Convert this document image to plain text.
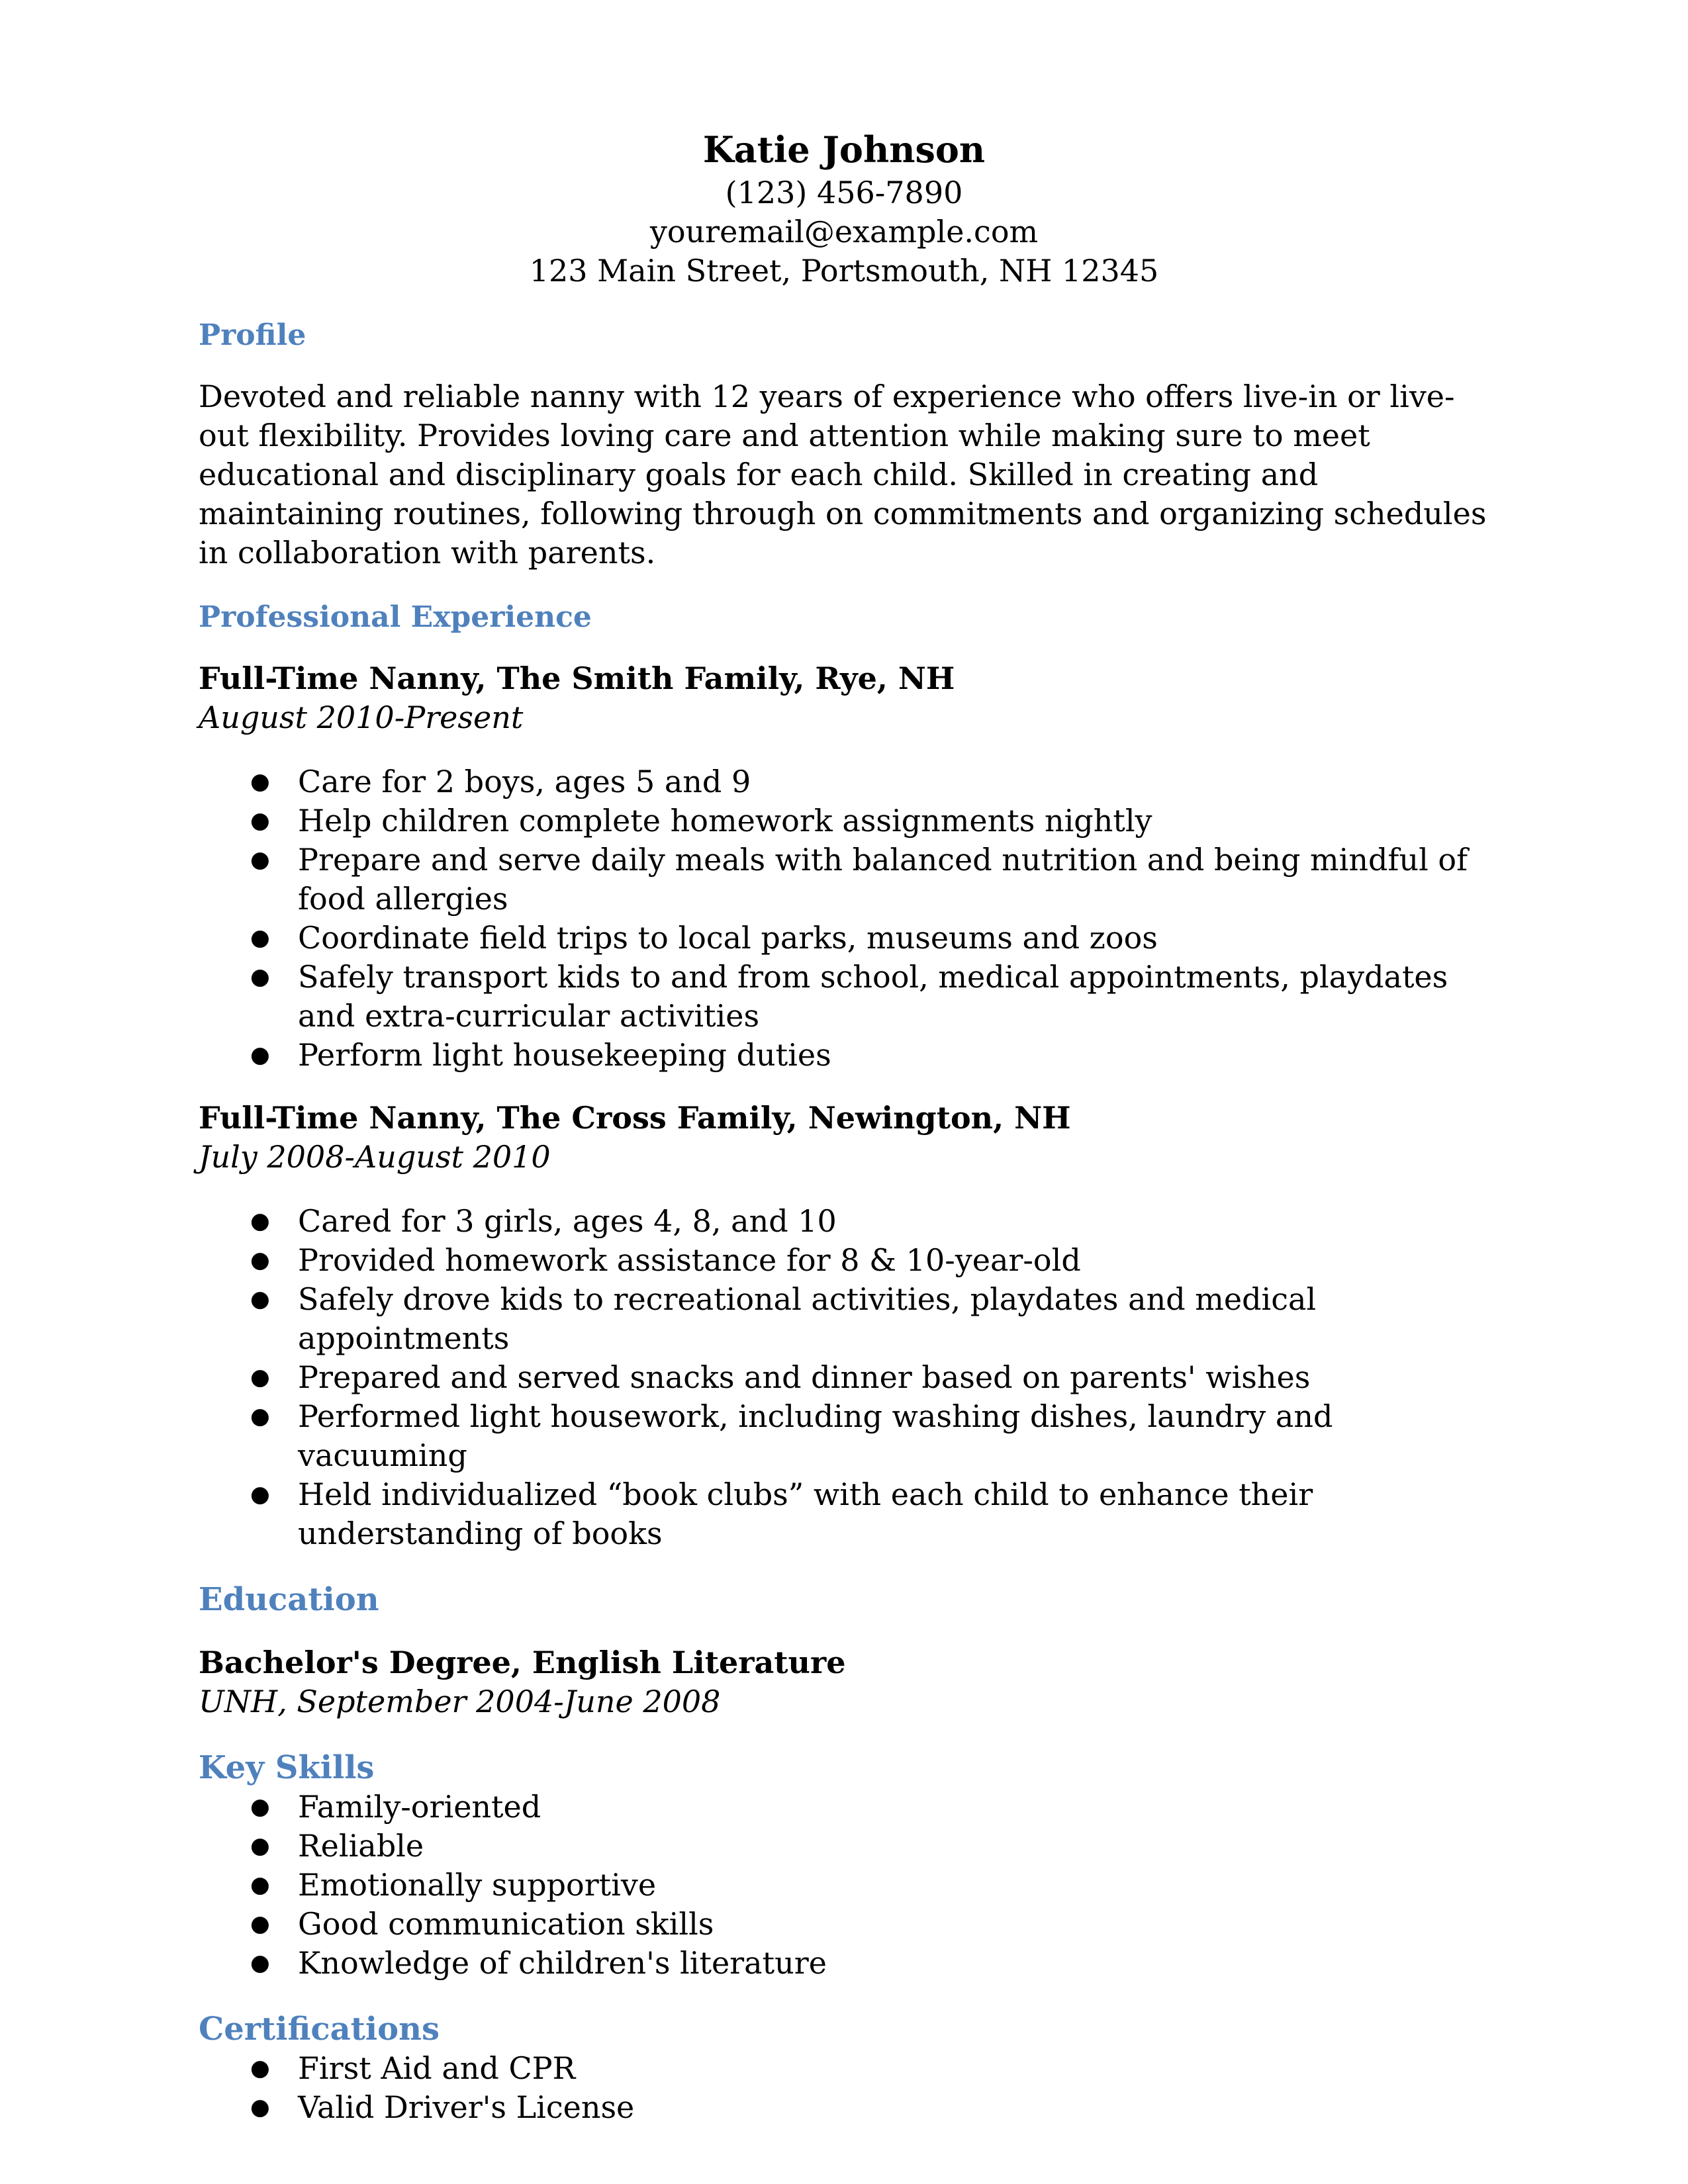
Katie Johnson
(123) 456-7890
youremail@example.com
123 Main Street, Portsmouth, NH 12345
Profile
Devoted and reliable nanny with 12 years of experience who offers live-in or live-out flexibility. Provides loving care and attention while making sure to meet educational and disciplinary goals for each child. Skilled in creating and maintaining routines, following through on commitments and organizing schedules in collaboration with parents.
Professional Experience
Full-Time Nanny, The Smith Family, Rye, NH
August 2010-Present
● Care for 2 boys, ages 5 and 9
● Help children complete homework assignments nightly
● Prepare and serve daily meals with balanced nutrition and being mindful of food allergies
● Coordinate field trips to local parks, museums and zoos
● Safely transport kids to and from school, medical appointments, playdates and extra-curricular activities
● Perform light housekeeping duties
Full-Time Nanny, The Cross Family, Newington, NH
July 2008-August 2010
● Cared for 3 girls, ages 4, 8, and 10
● Provided homework assistance for 8 & 10-year-old
● Safely drove kids to recreational activities, playdates and medical appointments
● Prepared and served snacks and dinner based on parents' wishes
● Performed light housework, including washing dishes, laundry and vacuuming
● Held individualized “book clubs” with each child to enhance their understanding of books
Education
Bachelor's Degree, English Literature
UNH, September 2004-June 2008
Key Skills
● Family-oriented
● Reliable
● Emotionally supportive
● Good communication skills
● Knowledge of children's literature
Certifications
● First Aid and CPR
● Valid Driver's License
